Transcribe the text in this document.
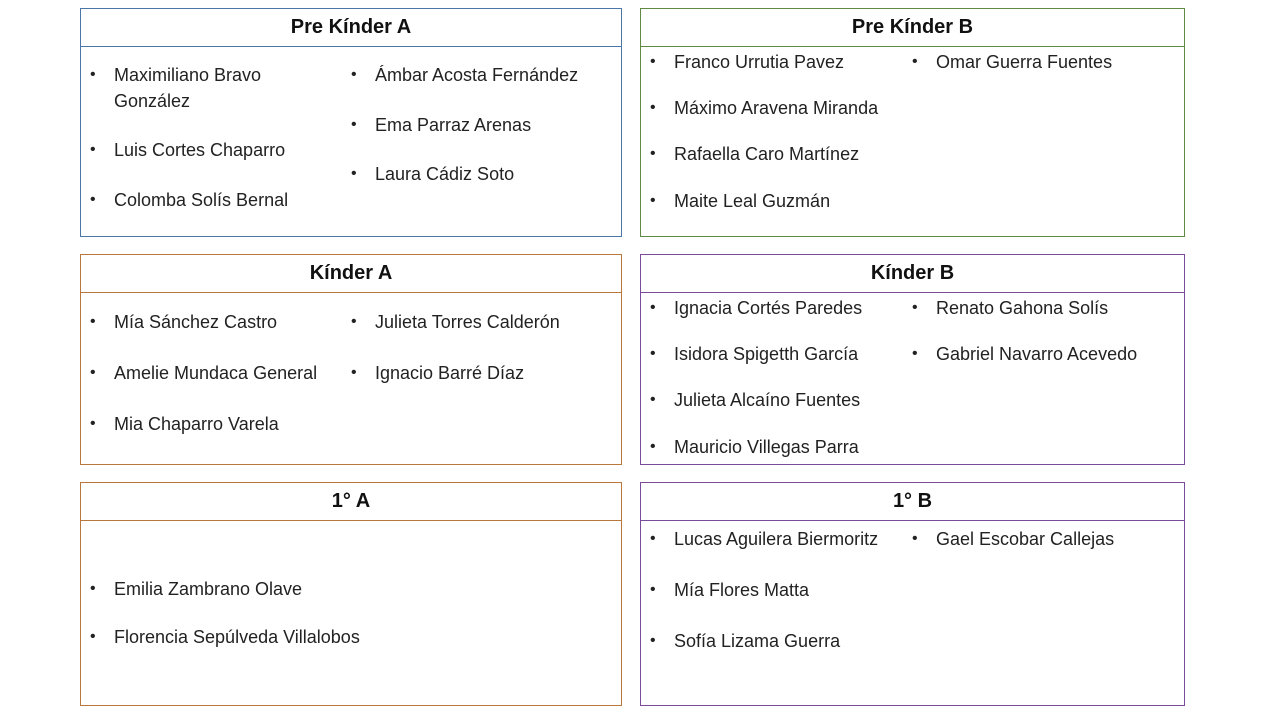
Pre Kínder A
• Maximiliano Bravo González
• Luis Cortes Chaparro
• Colomba Solís Bernal
• Ámbar Acosta Fernández
• Ema Parraz Arenas
• Laura Cádiz Soto
Pre Kínder B
• Franco Urrutia Pavez
• Máximo Aravena Miranda
• Rafaella Caro Martínez
• Maite Leal Guzmán
• Omar Guerra Fuentes
Kínder A
• Mía Sánchez Castro
• Amelie Mundaca General
• Mia Chaparro Varela
• Julieta Torres Calderón
• Ignacio Barré Díaz
Kínder B
• Ignacia Cortés Paredes
• Isidora Spigetth García
• Julieta Alcaíno Fuentes
• Mauricio Villegas Parra
• Renato Gahona Solís
• Gabriel Navarro Acevedo
1° A
• Emilia Zambrano Olave
• Florencia Sepúlveda Villalobos
1° B
• Lucas Aguilera Biermoritz
• Mía Flores Matta
• Sofía Lizama Guerra
• Gael Escobar Callejas
